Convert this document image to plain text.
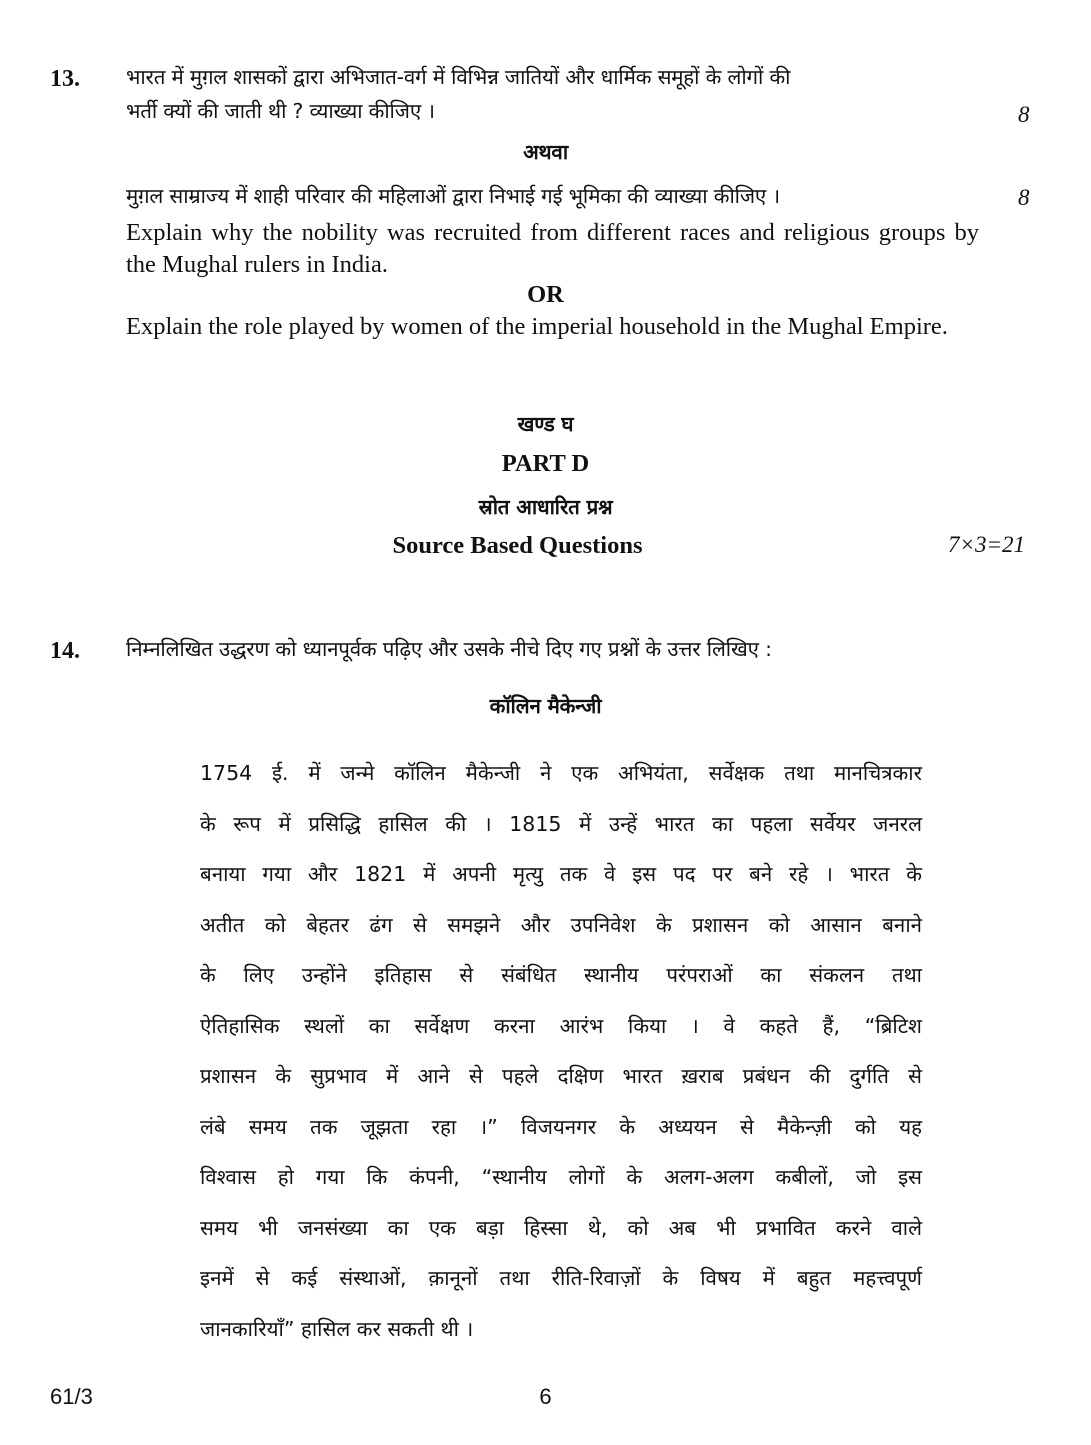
13. भारत में मुग़ल शासकों द्वारा अभिजात-वर्ग में विभिन्न जातियों और धार्मिक समूहों के लोगों की
भर्ती क्यों की जाती थी ? व्याख्या कीजिए ।	8
अथवा
मुग़ल साम्राज्य में शाही परिवार की महिलाओं द्वारा निभाई गई भूमिका की व्याख्या कीजिए ।	8
Explain why the nobility was recruited from different races and religious groups by the Mughal rulers in India.
OR
Explain the role played by women of the imperial household in the Mughal Empire.
खण्ड घ
PART D
स्रोत आधारित प्रश्न
Source Based Questions	7×3=21
14. निम्नलिखित उद्धरण को ध्यानपूर्वक पढ़िए और उसके नीचे दिए गए प्रश्नों के उत्तर लिखिए :
कॉलिन मैकेन्जी

1754 ई. में जन्मे कॉलिन मैकेन्जी ने एक अभियंता, सर्वेक्षक तथा मानचित्रकार

के रूप में प्रसिद्धि हासिल की । 1815 में उन्हें भारत का पहला सर्वेयर जनरल

बनाया गया और 1821 में अपनी मृत्यु तक वे इस पद पर बने रहे । भारत के

अतीत को बेहतर ढंग से समझने और उपनिवेश के प्रशासन को आसान बनाने

के लिए उन्होंने इतिहास से संबंधित स्थानीय परंपराओं का संकलन तथा

ऐतिहासिक स्थलों का सर्वेक्षण करना आरंभ किया । वे कहते हैं, “ब्रिटिश

प्रशासन के सुप्रभाव में आने से पहले दक्षिण भारत ख़राब प्रबंधन की दुर्गति से

लंबे समय तक जूझता रहा ।” विजयनगर के अध्ययन से मैकेन्ज़ी को यह

विश्वास हो गया कि कंपनी, “स्थानीय लोगों के अलग-अलग कबीलों, जो इस

समय भी जनसंख्या का एक बड़ा हिस्सा थे, को अब भी प्रभावित करने वाले

इनमें से कई संस्थाओं, क़ानूनों तथा रीति-रिवाज़ों के विषय में बहुत महत्त्वपूर्ण

जानकारियाँ” हासिल कर सकती थी ।

61/3	6
